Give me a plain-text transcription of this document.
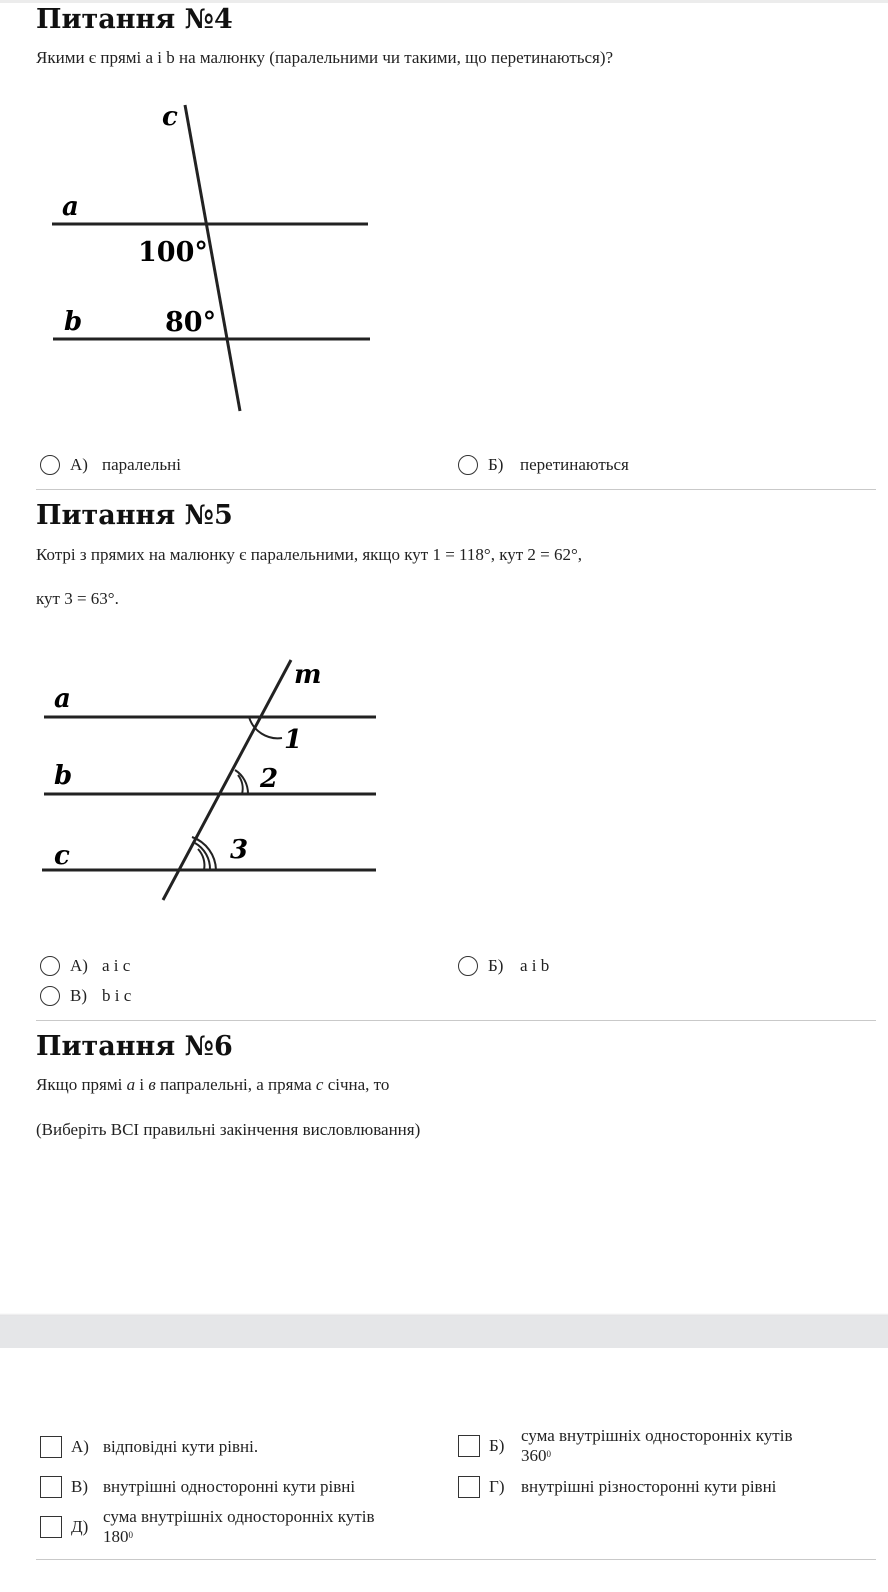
Питання №4

Якими є прямі a і b на малюнку (паралельними чи такими, що перетинаються)?

c
a
b
100°
80°
А) паралельні	Б) перетинаються
Питання №5

Котрі з прямих на малюнку є паралельними, якщо кут 1 = 118°, кут 2 = 62°,

кут 3 = 63°.

m
a
b
c
1
2
3
А) a і c	Б) a і b
В) b і c
Питання №6

Якщо прямі а і в папралельні, а пряма с січна, то

(Виберіть ВСІ правильні закінчення висловлювання)

А) відповідні кути рівні.	Б)
сума внутрішніх односторонніх кутів
$360^0$
В) внутрішні односторонні кути рівні	Г) внутрішні різносторонні кути рівні
Д)
сума внутрішніх односторонніх кутів
$180^0$
